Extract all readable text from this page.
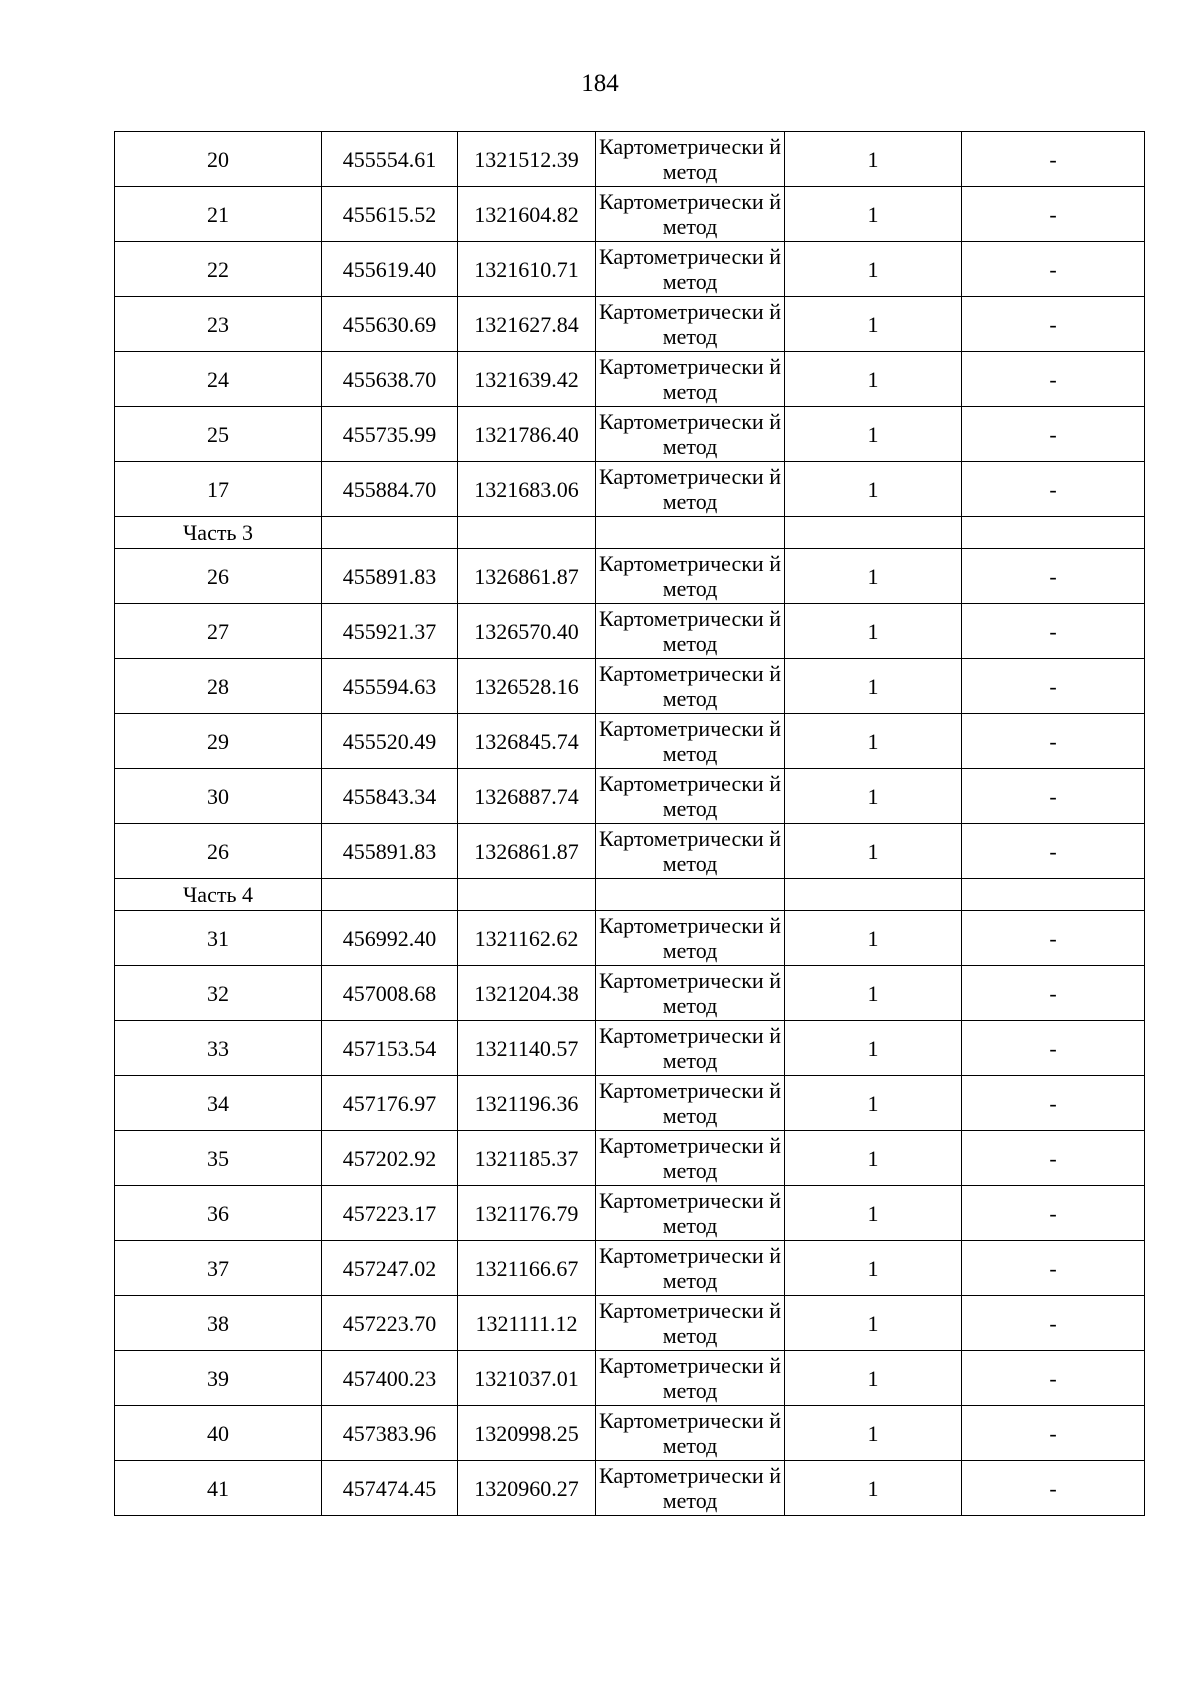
184
20	455554.61	1321512.39	Картометрически й метод	1	-
21	455615.52	1321604.82	Картометрически й метод	1	-
22	455619.40	1321610.71	Картометрически й метод	1	-
23	455630.69	1321627.84	Картометрически й метод	1	-
24	455638.70	1321639.42	Картометрически й метод	1	-
25	455735.99	1321786.40	Картометрически й метод	1	-
17	455884.70	1321683.06	Картометрически й метод	1	-
Часть 3					
26	455891.83	1326861.87	Картометрически й метод	1	-
27	455921.37	1326570.40	Картометрически й метод	1	-
28	455594.63	1326528.16	Картометрически й метод	1	-
29	455520.49	1326845.74	Картометрически й метод	1	-
30	455843.34	1326887.74	Картометрически й метод	1	-
26	455891.83	1326861.87	Картометрически й метод	1	-
Часть 4					
31	456992.40	1321162.62	Картометрически й метод	1	-
32	457008.68	1321204.38	Картометрически й метод	1	-
33	457153.54	1321140.57	Картометрически й метод	1	-
34	457176.97	1321196.36	Картометрически й метод	1	-
35	457202.92	1321185.37	Картометрически й метод	1	-
36	457223.17	1321176.79	Картометрически й метод	1	-
37	457247.02	1321166.67	Картометрически й метод	1	-
38	457223.70	1321111.12	Картометрически й метод	1	-
39	457400.23	1321037.01	Картометрически й метод	1	-
40	457383.96	1320998.25	Картометрически й метод	1	-
41	457474.45	1320960.27	Картометрически й метод	1	-
